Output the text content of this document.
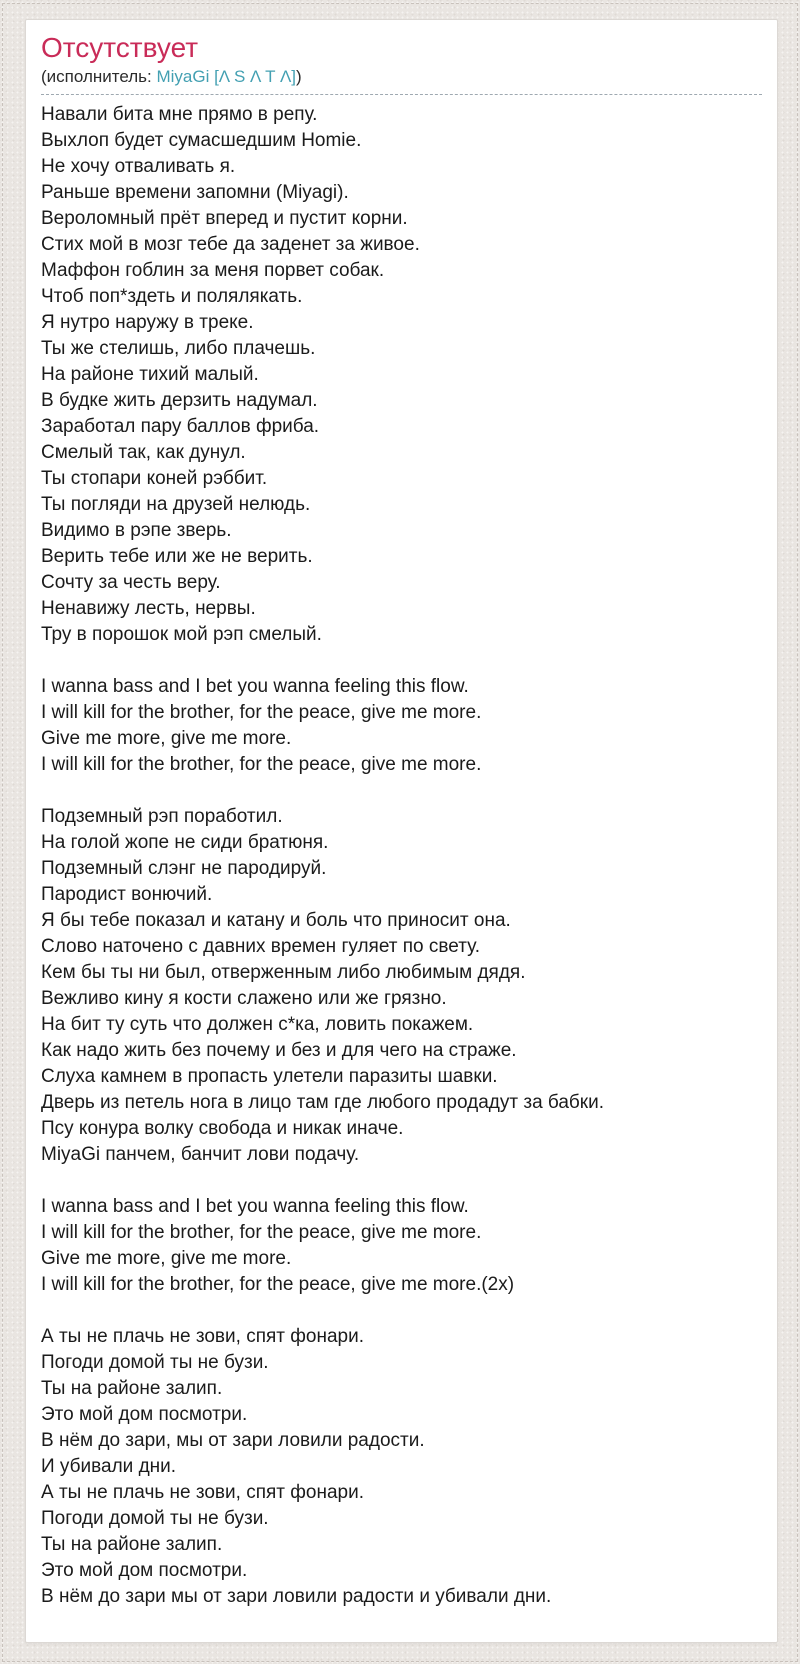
Отсутствует
(исполнитель: MiyaGi [Λ S Λ T Λ])
Навали бита мне прямо в репу.
Выхлоп будет сумасшедшим Homie.
Не хочу отваливать я.
Раньше времени запомни (Miyagi).
Вероломный прёт вперед и пустит корни.
Стих мой в мозг тебе да заденет за живое.
Маффон гоблин за меня порвет собак.
Чтоб поп*здеть и полялякать.
Я нутро наружу в треке.
Ты же стелишь, либо плачешь.
На районе тихий малый.
В будке жить дерзить надумал.
Заработал пару баллов фриба.
Смелый так, как дунул.
Ты стопари коней рэббит.
Ты погляди на друзей нелюдь.
Видимо в рэпе зверь.
Верить тебе или же не верить.
Сочту за честь веру.
Ненавижу лесть, нервы.
Тру в порошок мой рэп смелый.
I wanna bass and I bet you wanna feeling this flow.
I will kill for the brother, for the peace, give me more.
Give me more, give me more.
I will kill for the brother, for the peace, give me more.
Подземный рэп поработил.
На голой жопе не сиди братюня.
Подземный слэнг не пародируй.
Пародист вонючий.
Я бы тебе показал и катану и боль что приносит она.
Слово наточено с давних времен гуляет по свету.
Кем бы ты ни был, отверженным либо любимым дядя.
Вежливо кину я кости слажено или же грязно.
На бит ту суть что должен с*ка, ловить покажем.
Как надо жить без почему и без и для чего на страже.
Слуха камнем в пропасть улетели паразиты шавки.
Дверь из петель нога в лицо там где любого продадут за бабки.
Псу конура волку свобода и никак иначе.
MiyaGi панчем, банчит лови подачу.
I wanna bass and I bet you wanna feeling this flow.
I will kill for the brother, for the peace, give me more.
Give me more, give me more.
I will kill for the brother, for the peace, give me more.(2x)
А ты не плачь не зови, спят фонари.
Погоди домой ты не бузи.
Ты на районе залип.
Это мой дом посмотри.
В нём до зари, мы от зари ловили радости.
И убивали дни.
А ты не плачь не зови, спят фонари.
Погоди домой ты не бузи.
Ты на районе залип.
Это мой дом посмотри.
В нём до зари мы от зари ловили радости и убивали дни.
